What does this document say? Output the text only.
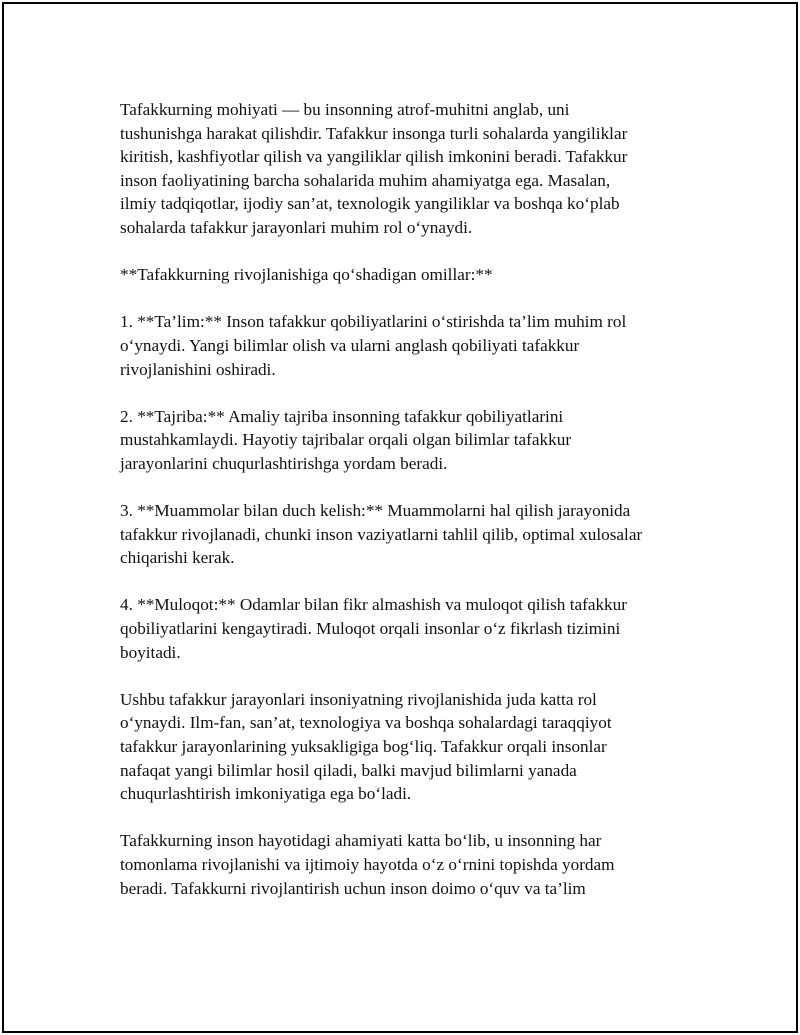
Tafakkurning mohiyati — bu insonning atrof-muhitni anglab, uni
tushunishga harakat qilishdir. Tafakkur insonga turli sohalarda yangiliklar
kiritish, kashfiyotlar qilish va yangiliklar qilish imkonini beradi. Tafakkur
inson faoliyatining barcha sohalarida muhim ahamiyatga ega. Masalan,
ilmiy tadqiqotlar, ijodiy san’at, texnologik yangiliklar va boshqa ko‘plab
sohalarda tafakkur jarayonlari muhim rol o‘ynaydi.

**Tafakkurning rivojlanishiga qo‘shadigan omillar:**

1. **Ta’lim:** Inson tafakkur qobiliyatlarini o‘stirishda ta’lim muhim rol
o‘ynaydi. Yangi bilimlar olish va ularni anglash qobiliyati tafakkur
rivojlanishini oshiradi.

2. **Tajriba:** Amaliy tajriba insonning tafakkur qobiliyatlarini
mustahkamlaydi. Hayotiy tajribalar orqali olgan bilimlar tafakkur
jarayonlarini chuqurlashtirishga yordam beradi.

3. **Muammolar bilan duch kelish:** Muammolarni hal qilish jarayonida
tafakkur rivojlanadi, chunki inson vaziyatlarni tahlil qilib, optimal xulosalar
chiqarishi kerak.

4. **Muloqot:** Odamlar bilan fikr almashish va muloqot qilish tafakkur
qobiliyatlarini kengaytiradi. Muloqot orqali insonlar o‘z fikrlash tizimini
boyitadi.

Ushbu tafakkur jarayonlari insoniyatning rivojlanishida juda katta rol
o‘ynaydi. Ilm-fan, san’at, texnologiya va boshqa sohalardagi taraqqiyot
tafakkur jarayonlarining yuksakligiga bog‘liq. Tafakkur orqali insonlar
nafaqat yangi bilimlar hosil qiladi, balki mavjud bilimlarni yanada
chuqurlashtirish imkoniyatiga ega bo‘ladi.

Tafakkurning inson hayotidagi ahamiyati katta bo‘lib, u insonning har
tomonlama rivojlanishi va ijtimoiy hayotda o‘z o‘rnini topishda yordam
beradi. Tafakkurni rivojlantirish uchun inson doimo o‘quv va ta’lim
